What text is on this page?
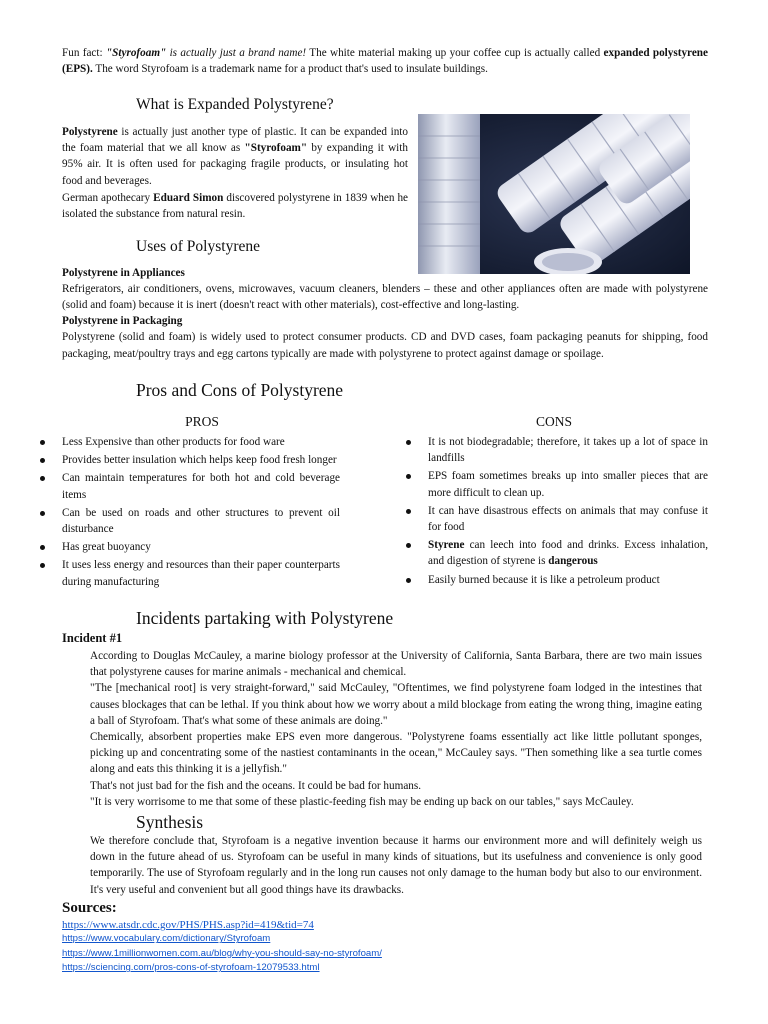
Fun fact: "Styrofoam" is actually just a brand name! The white material making up your coffee cup is actually called expanded polystyrene (EPS). The word Styrofoam is a trademark name for a product that's used to insulate buildings.
What is Expanded Polystyrene?
Polystyrene is actually just another type of plastic. It can be expanded into the foam material that we all know as "Styrofoam" by expanding it with 95% air. It is often used for packaging fragile products, or insulating hot food and beverages.
German apothecary Eduard Simon discovered polystyrene in 1839 when he isolated the substance from natural resin.
Uses of Polystyrene
Polystyrene in Appliances
Refrigerators, air conditioners, ovens, microwaves, vacuum cleaners, blenders – these and other appliances often are made with polystyrene (solid and foam) because it is inert (doesn't react with other materials), cost-effective and long-lasting.
Polystyrene in Packaging
Polystyrene (solid and foam) is widely used to protect consumer products. CD and DVD cases, foam packaging peanuts for shipping, food packaging, meat/poultry trays and egg cartons typically are made with polystyrene to protect against damage or spoilage.
Pros and Cons of Polystyrene
PROS	CONS
Less Expensive than other products for food ware
Provides better insulation which helps keep food fresh longer
Can maintain temperatures for both hot and cold beverage items
Can be used on roads and other structures to prevent oil disturbance
Has great buoyancy
It uses less energy and resources than their paper counterparts during manufacturing
It is not biodegradable; therefore, it takes up a lot of space in landfills
EPS foam sometimes breaks up into smaller pieces that are more difficult to clean up.
It can have disastrous effects on animals that may confuse it for food
Styrene can leech into food and drinks. Excess inhalation, and digestion of styrene is dangerous
Easily burned because it is like a petroleum product
Incidents partaking with Polystyrene
Incident #1
According to Douglas McCauley, a marine biology professor at the University of California, Santa Barbara, there are two main issues that polystyrene causes for marine animals - mechanical and chemical.
"The [mechanical root] is very straight-forward," said McCauley, "Oftentimes, we find polystyrene foam lodged in the intestines that causes blockages that can be lethal. If you think about how we worry about a mild blockage from eating the wrong thing, imagine eating a ball of Styrofoam. That's what some of these animals are doing."
Chemically, absorbent properties make EPS even more dangerous. "Polystyrene foams essentially act like little pollutant sponges, picking up and concentrating some of the nastiest contaminants in the ocean," McCauley says. "Then something like a sea turtle comes along and eats this thinking it is a jellyfish."
That's not just bad for the fish and the oceans. It could be bad for humans.
"It is very worrisome to me that some of these plastic-feeding fish may be ending up back on our tables," says McCauley.
Synthesis
We therefore conclude that, Styrofoam is a negative invention because it harms our environment more and will definitely weigh us down in the future ahead of us. Styrofoam can be useful in many kinds of situations, but its usefulness and convenience is only good temporarily. The use of Styrofoam regularly and in the long run causes not only damage to the human body but also to our environment. It's very useful and convenient but all good things have its drawbacks.
Sources:
https://www.atsdr.cdc.gov/PHS/PHS.asp?id=419&tid=74
https://www.vocabulary.com/dictionary/Styrofoam
https://www.1millionwomen.com.au/blog/why-you-should-say-no-styrofoam/
https://sciencing.com/pros-cons-of-styrofoam-12079533.html
